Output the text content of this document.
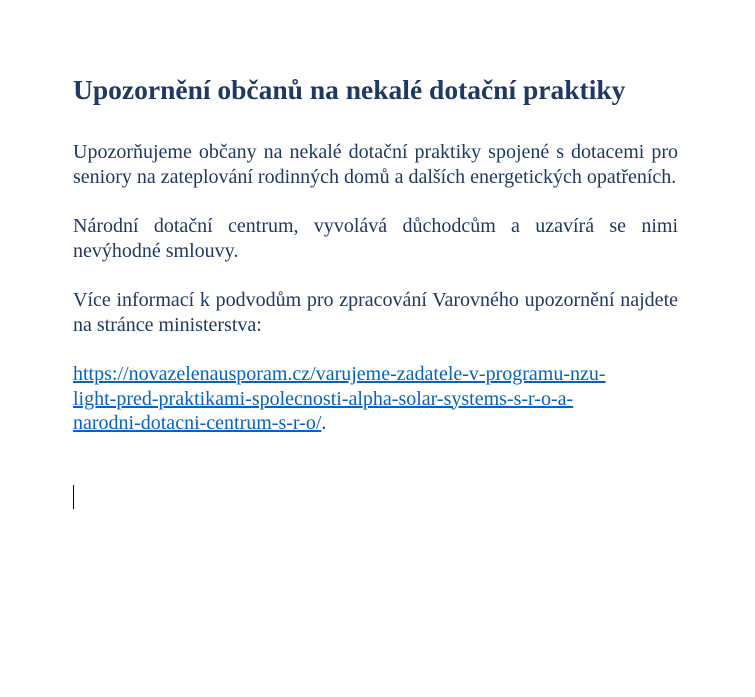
Upozornění občanů na nekalé dotační praktiky

Upozorňujeme občany na nekalé dotační praktiky spojené s dotacemi pro seniory na zateplování rodinných domů a dalších energetických opatřeních.

Národní dotační centrum, vyvolává důchodcům a uzavírá se nimi nevýhodné smlouvy.

Více informací k podvodům pro zpracování Varovného upozornění najdete na stránce ministerstva:

https://novazelenausporam.cz/varujeme-zadatele-v-programu-nzu-
light-pred-praktikami-spolecnosti-alpha-solar-systems-s-r-o-a-
narodni-dotacni-centrum-s-r-o/.
